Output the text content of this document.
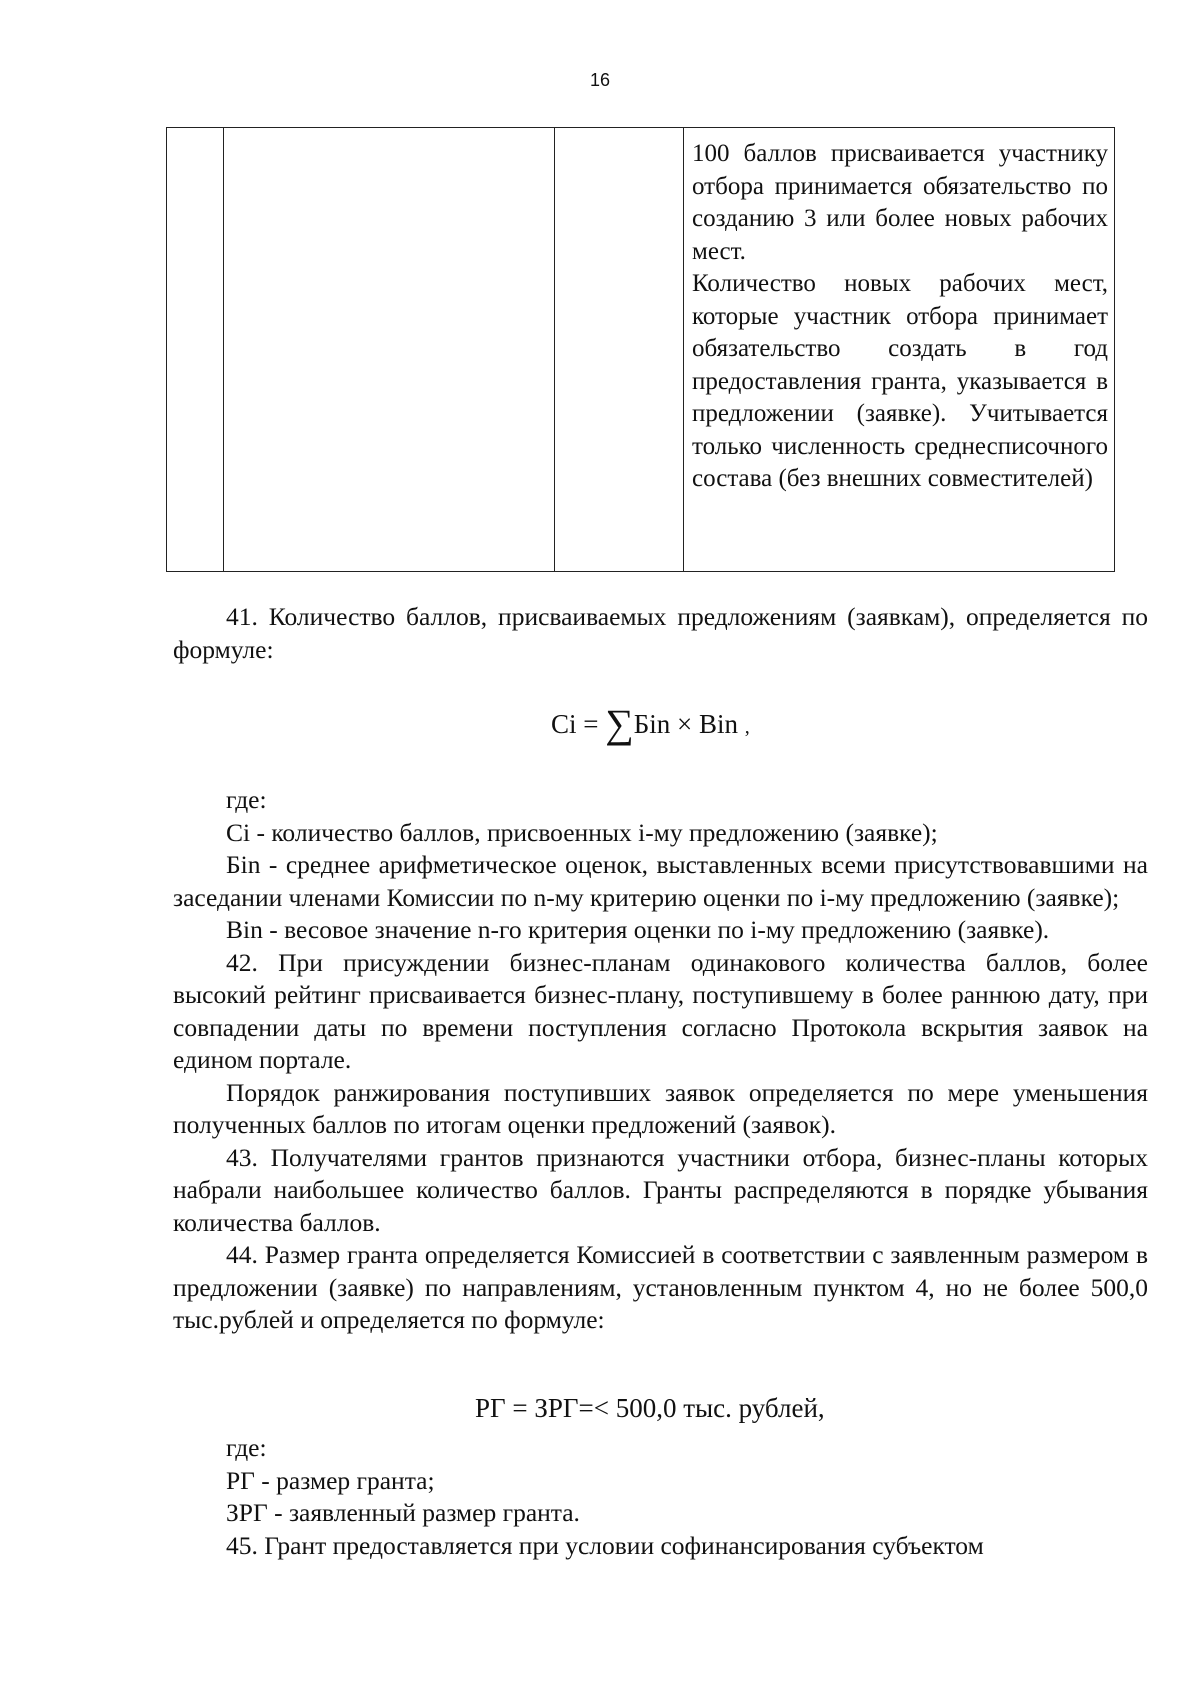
16

100 баллов присваивается участнику отбора принимается обязательство по созданию 3 или более новых рабочих мест.

Количество новых рабочих мест, которые участник отбора принимает обязательство создать в год предоставления гранта, указывается в предложении (заявке). Учитывается только численность среднесписочного состава (без внешних совместителей)

41. Количество баллов, присваиваемых предложениям (заявкам), определяется по формуле:

Ci = ∑Бin × Bin ,

где:

Ci - количество баллов, присвоенных i-му предложению (заявке);

Бin - среднее арифметическое оценок, выставленных всеми присутствовавшими на заседании членами Комиссии по n-му критерию оценки по i-му предложению (заявке);

Bin - весовое значение n-го критерия оценки по i-му предложению (заявке).

42. При присуждении бизнес-планам одинакового количества баллов, более высокий рейтинг присваивается бизнес-плану, поступившему в более раннюю дату, при совпадении даты по времени поступления согласно Протокола вскрытия заявок на едином портале.

Порядок ранжирования поступивших заявок определяется по мере уменьшения полученных баллов по итогам оценки предложений (заявок).

43. Получателями грантов признаются участники отбора, бизнес-планы которых набрали наибольшее количество баллов. Гранты распределяются в порядке убывания количества баллов.

44. Размер гранта определяется Комиссией в соответствии с заявленным размером в предложении (заявке) по направлениям, установленным пунктом 4, но не более 500,0 тыс.рублей и определяется по формуле:

РГ = ЗРГ=< 500,0 тыс. рублей,

где:

РГ - размер гранта;

ЗРГ - заявленный размер гранта.

45. Грант предоставляется при условии софинансирования субъектом
